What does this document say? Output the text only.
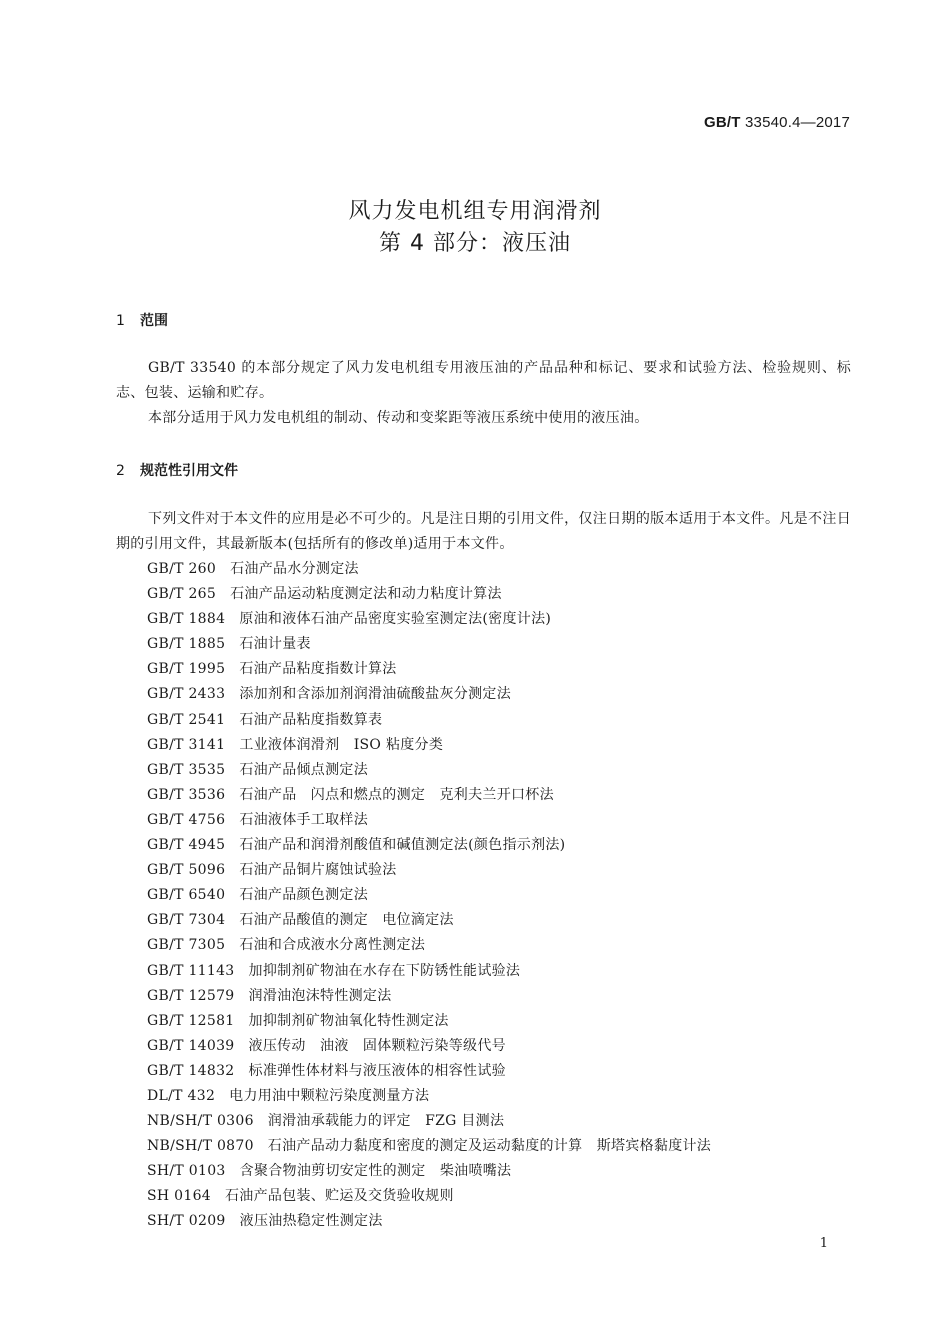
GB/T 33540.4—2017
风力发电机组专用润滑剂
第 4 部分：液压油
1 范围
GB/T 33540 的本部分规定了风力发电机组专用液压油的产品品种和标记、要求和试验方法、检验规则、标志、包装、运输和贮存。
本部分适用于风力发电机组的制动、传动和变桨距等液压系统中使用的液压油。
2 规范性引用文件
下列文件对于本文件的应用是必不可少的。凡是注日期的引用文件，仅注日期的版本适用于本文件。凡是不注日期的引用文件，其最新版本(包括所有的修改单)适用于本文件。
GB/T 260 石油产品水分测定法
GB/T 265 石油产品运动粘度测定法和动力粘度计算法
GB/T 1884 原油和液体石油产品密度实验室测定法(密度计法)
GB/T 1885 石油计量表
GB/T 1995 石油产品粘度指数计算法
GB/T 2433 添加剂和含添加剂润滑油硫酸盐灰分测定法
GB/T 2541 石油产品粘度指数算表
GB/T 3141 工业液体润滑剂　ISO 粘度分类
GB/T 3535 石油产品倾点测定法
GB/T 3536 石油产品　闪点和燃点的测定　克利夫兰开口杯法
GB/T 4756 石油液体手工取样法
GB/T 4945 石油产品和润滑剂酸值和碱值测定法(颜色指示剂法)
GB/T 5096 石油产品铜片腐蚀试验法
GB/T 6540 石油产品颜色测定法
GB/T 7304 石油产品酸值的测定　电位滴定法
GB/T 7305 石油和合成液水分离性测定法
GB/T 11143 加抑制剂矿物油在水存在下防锈性能试验法
GB/T 12579 润滑油泡沫特性测定法
GB/T 12581 加抑制剂矿物油氧化特性测定法
GB/T 14039 液压传动　油液　固体颗粒污染等级代号
GB/T 14832 标准弹性体材料与液压液体的相容性试验
DL/T 432 电力用油中颗粒污染度测量方法
NB/SH/T 0306 润滑油承载能力的评定　FZG 目测法
NB/SH/T 0870 石油产品动力黏度和密度的测定及运动黏度的计算　斯塔宾格黏度计法
SH/T 0103 含聚合物油剪切安定性的测定　柴油喷嘴法
SH 0164 石油产品包装、贮运及交货验收规则
SH/T 0209 液压油热稳定性测定法
1
